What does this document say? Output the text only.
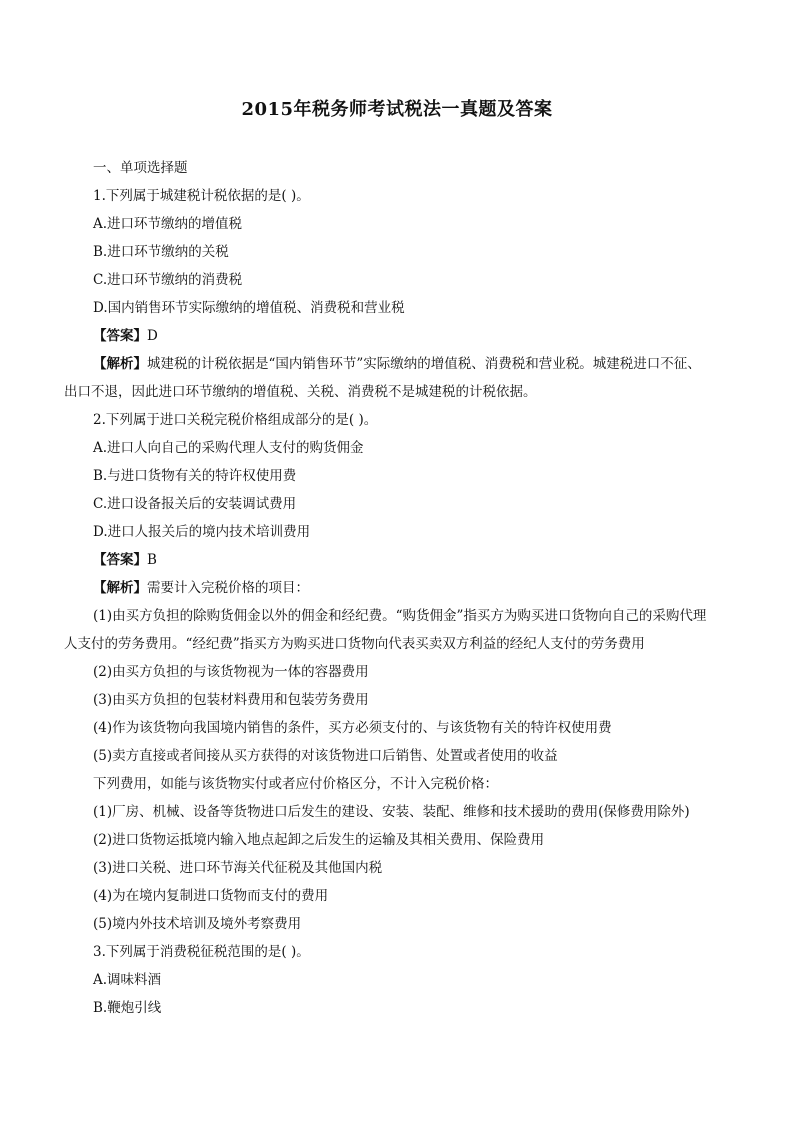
2015年税务师考试税法一真题及答案
一、单项选择题
1.下列属于城建税计税依据的是( )。
A.进口环节缴纳的增值税
B.进口环节缴纳的关税
C.进口环节缴纳的消费税
D.国内销售环节实际缴纳的增值税、消费税和营业税
【答案】D
【解析】城建税的计税依据是“国内销售环节”实际缴纳的增值税、消费税和营业税。城建税进口不征、
出口不退，因此进口环节缴纳的增值税、关税、消费税不是城建税的计税依据。
2.下列属于进口关税完税价格组成部分的是( )。
A.进口人向自己的采购代理人支付的购货佣金
B.与进口货物有关的特许权使用费
C.进口设备报关后的安装调试费用
D.进口人报关后的境内技术培训费用
【答案】B
【解析】需要计入完税价格的项目：
(1)由买方负担的除购货佣金以外的佣金和经纪费。“购货佣金”指买方为购买进口货物向自己的采购代理
人支付的劳务费用。“经纪费”指买方为购买进口货物向代表买卖双方利益的经纪人支付的劳务费用
(2)由买方负担的与该货物视为一体的容器费用
(3)由买方负担的包装材料费用和包装劳务费用
(4)作为该货物向我国境内销售的条件，买方必须支付的、与该货物有关的特许权使用费
(5)卖方直接或者间接从买方获得的对该货物进口后销售、处置或者使用的收益
下列费用，如能与该货物实付或者应付价格区分，不计入完税价格：
(1)厂房、机械、设备等货物进口后发生的建设、安装、装配、维修和技术援助的费用(保修费用除外)
(2)进口货物运抵境内输入地点起卸之后发生的运输及其相关费用、保险费用
(3)进口关税、进口环节海关代征税及其他国内税
(4)为在境内复制进口货物而支付的费用
(5)境内外技术培训及境外考察费用
3.下列属于消费税征税范围的是( )。
A.调味料酒
B.鞭炮引线
